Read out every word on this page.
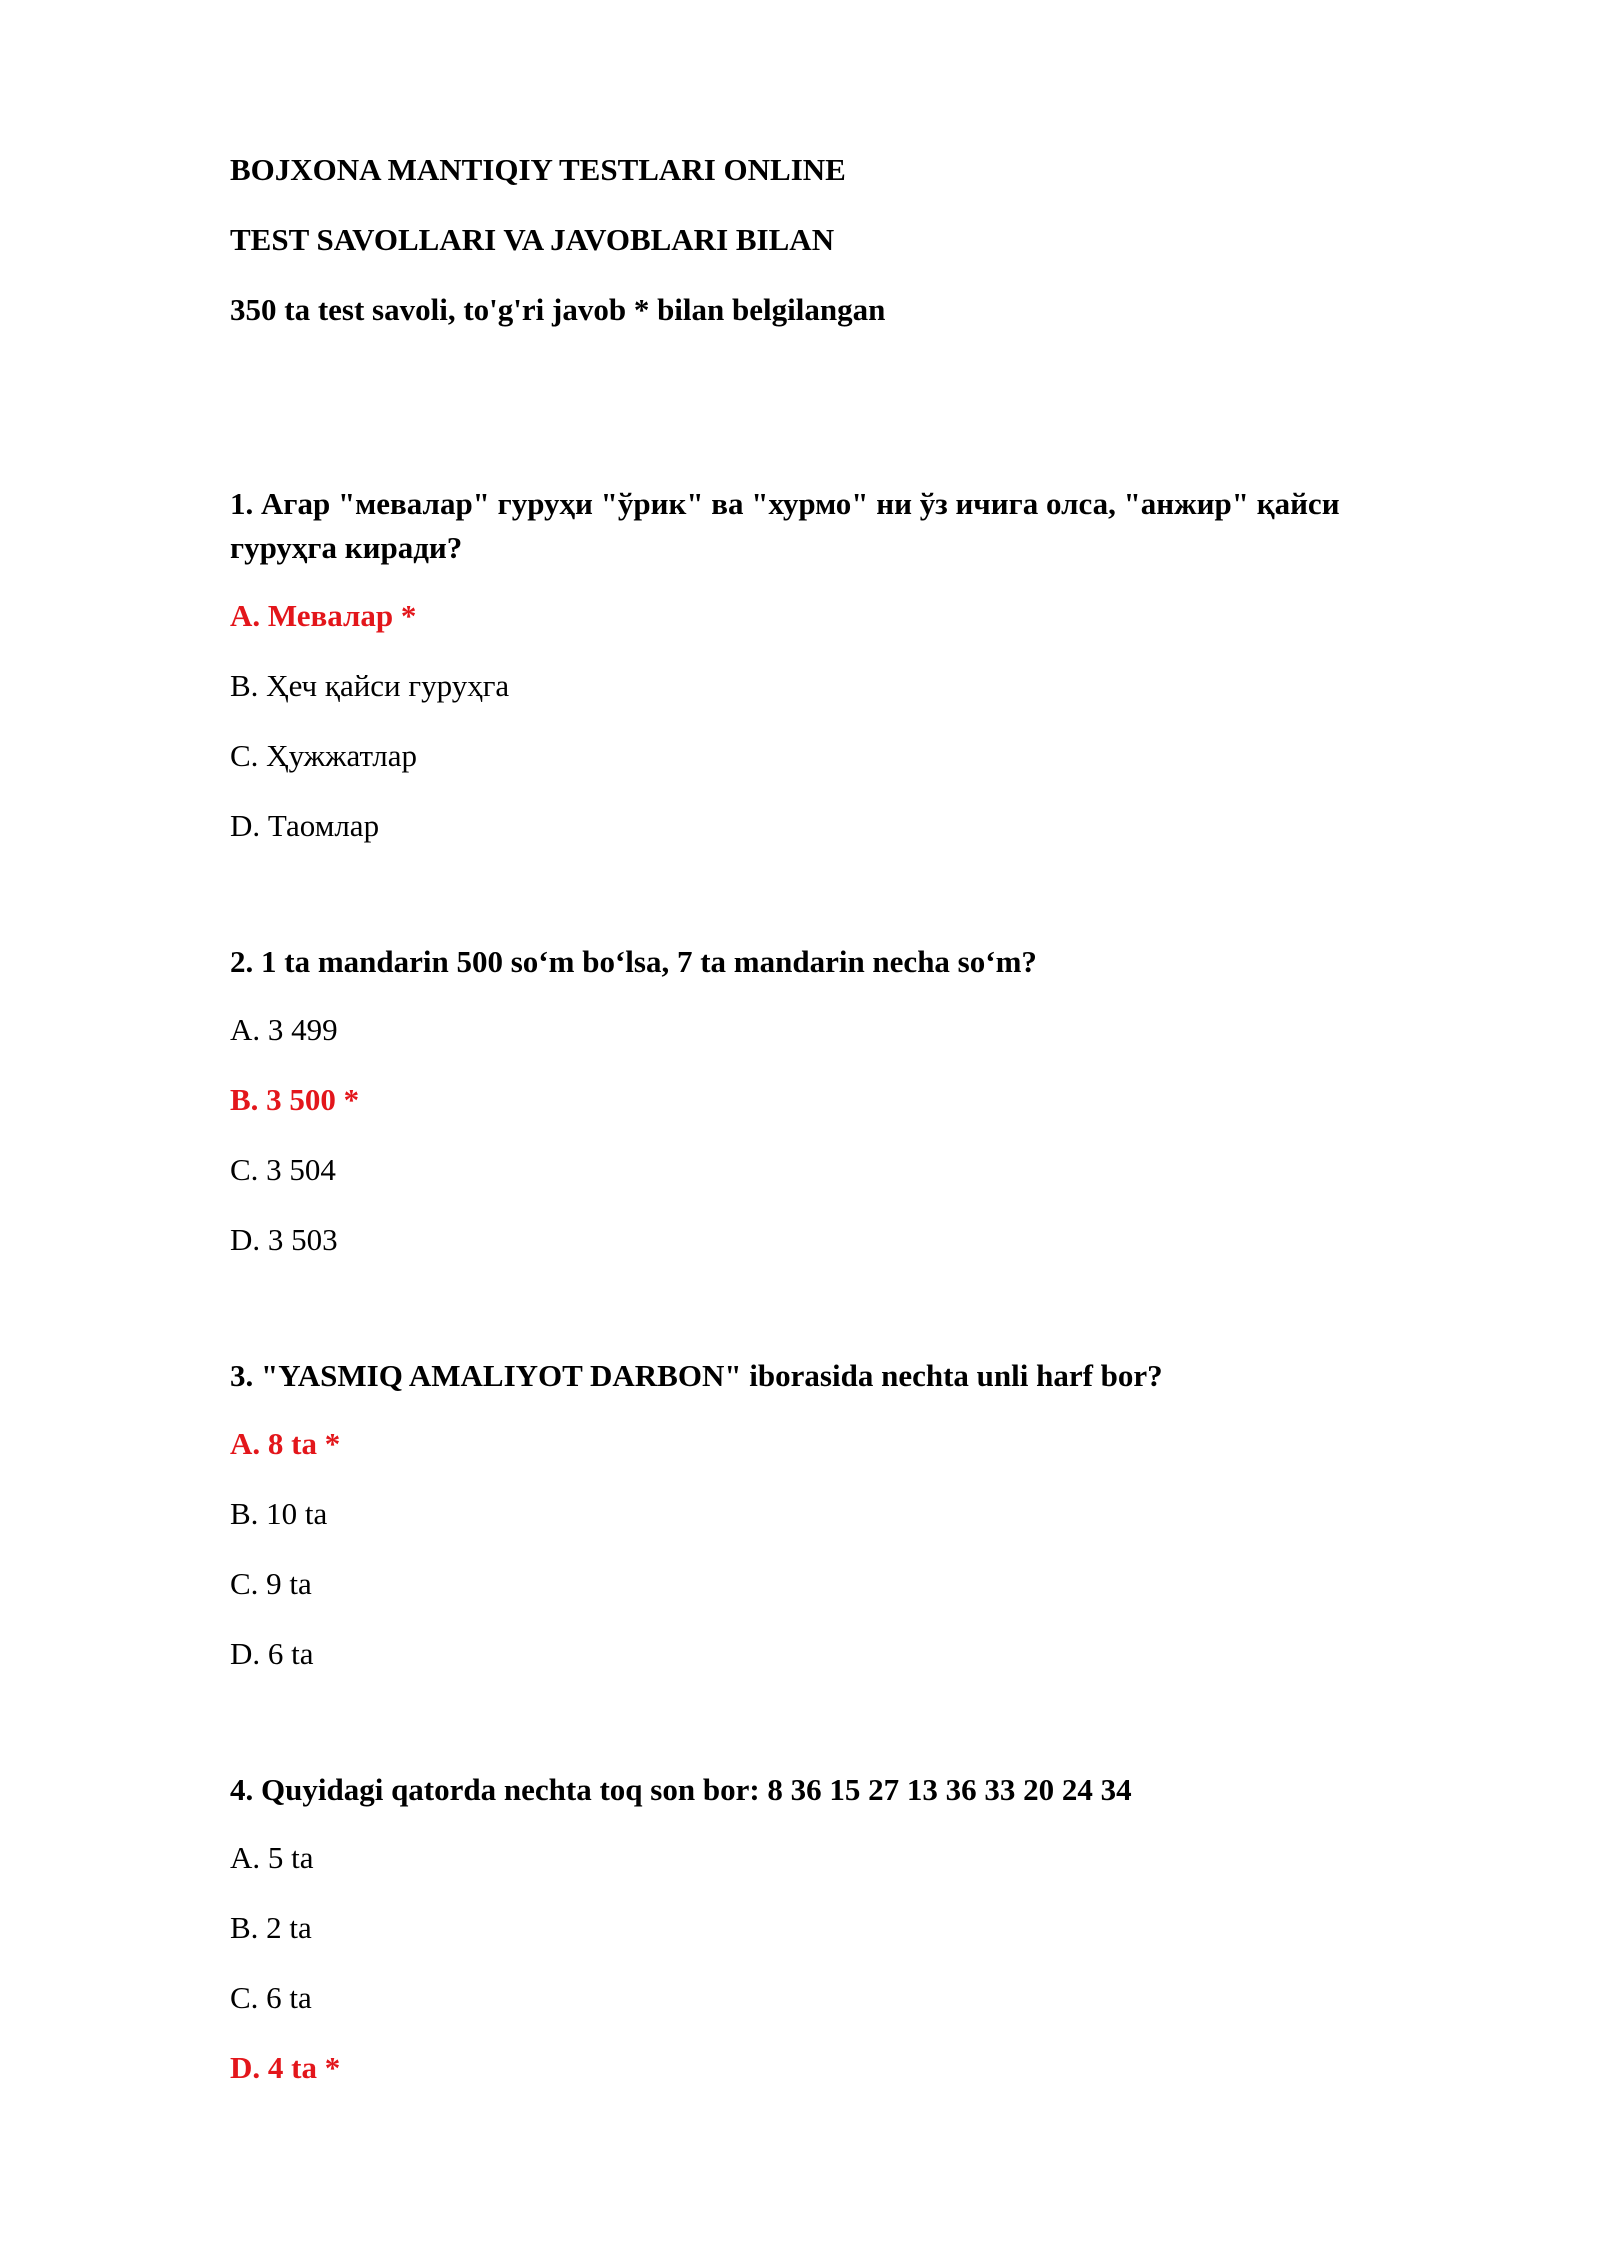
BOJXONA MANTIQIY TESTLARI ONLINE

TEST SAVOLLARI VA JAVOBLARI BILAN

350 ta test savoli, to'g'ri javob * bilan belgilangan

1. Агар "мевалар" гуруҳи "ўрик" ва "хурмо" ни ўз ичига олса, "анжир" қайси гуруҳга киради?

A. Мевалар *

B. Ҳеч қайси гуруҳга

C. Ҳужжатлар

D. Таомлар

2. 1 ta mandarin 500 so‘m bo‘lsa, 7 ta mandarin necha so‘m?

A. 3 499

B. 3 500 *

C. 3 504

D. 3 503

3. "YASMIQ AMALIYOT DARBON" iborasida nechta unli harf bor?

A. 8 ta *

B. 10 ta

C. 9 ta

D. 6 ta

4. Quyidagi qatorda nechta toq son bor: 8 36 15 27 13 36 33 20 24 34

A. 5 ta

B. 2 ta

C. 6 ta

D. 4 ta *
